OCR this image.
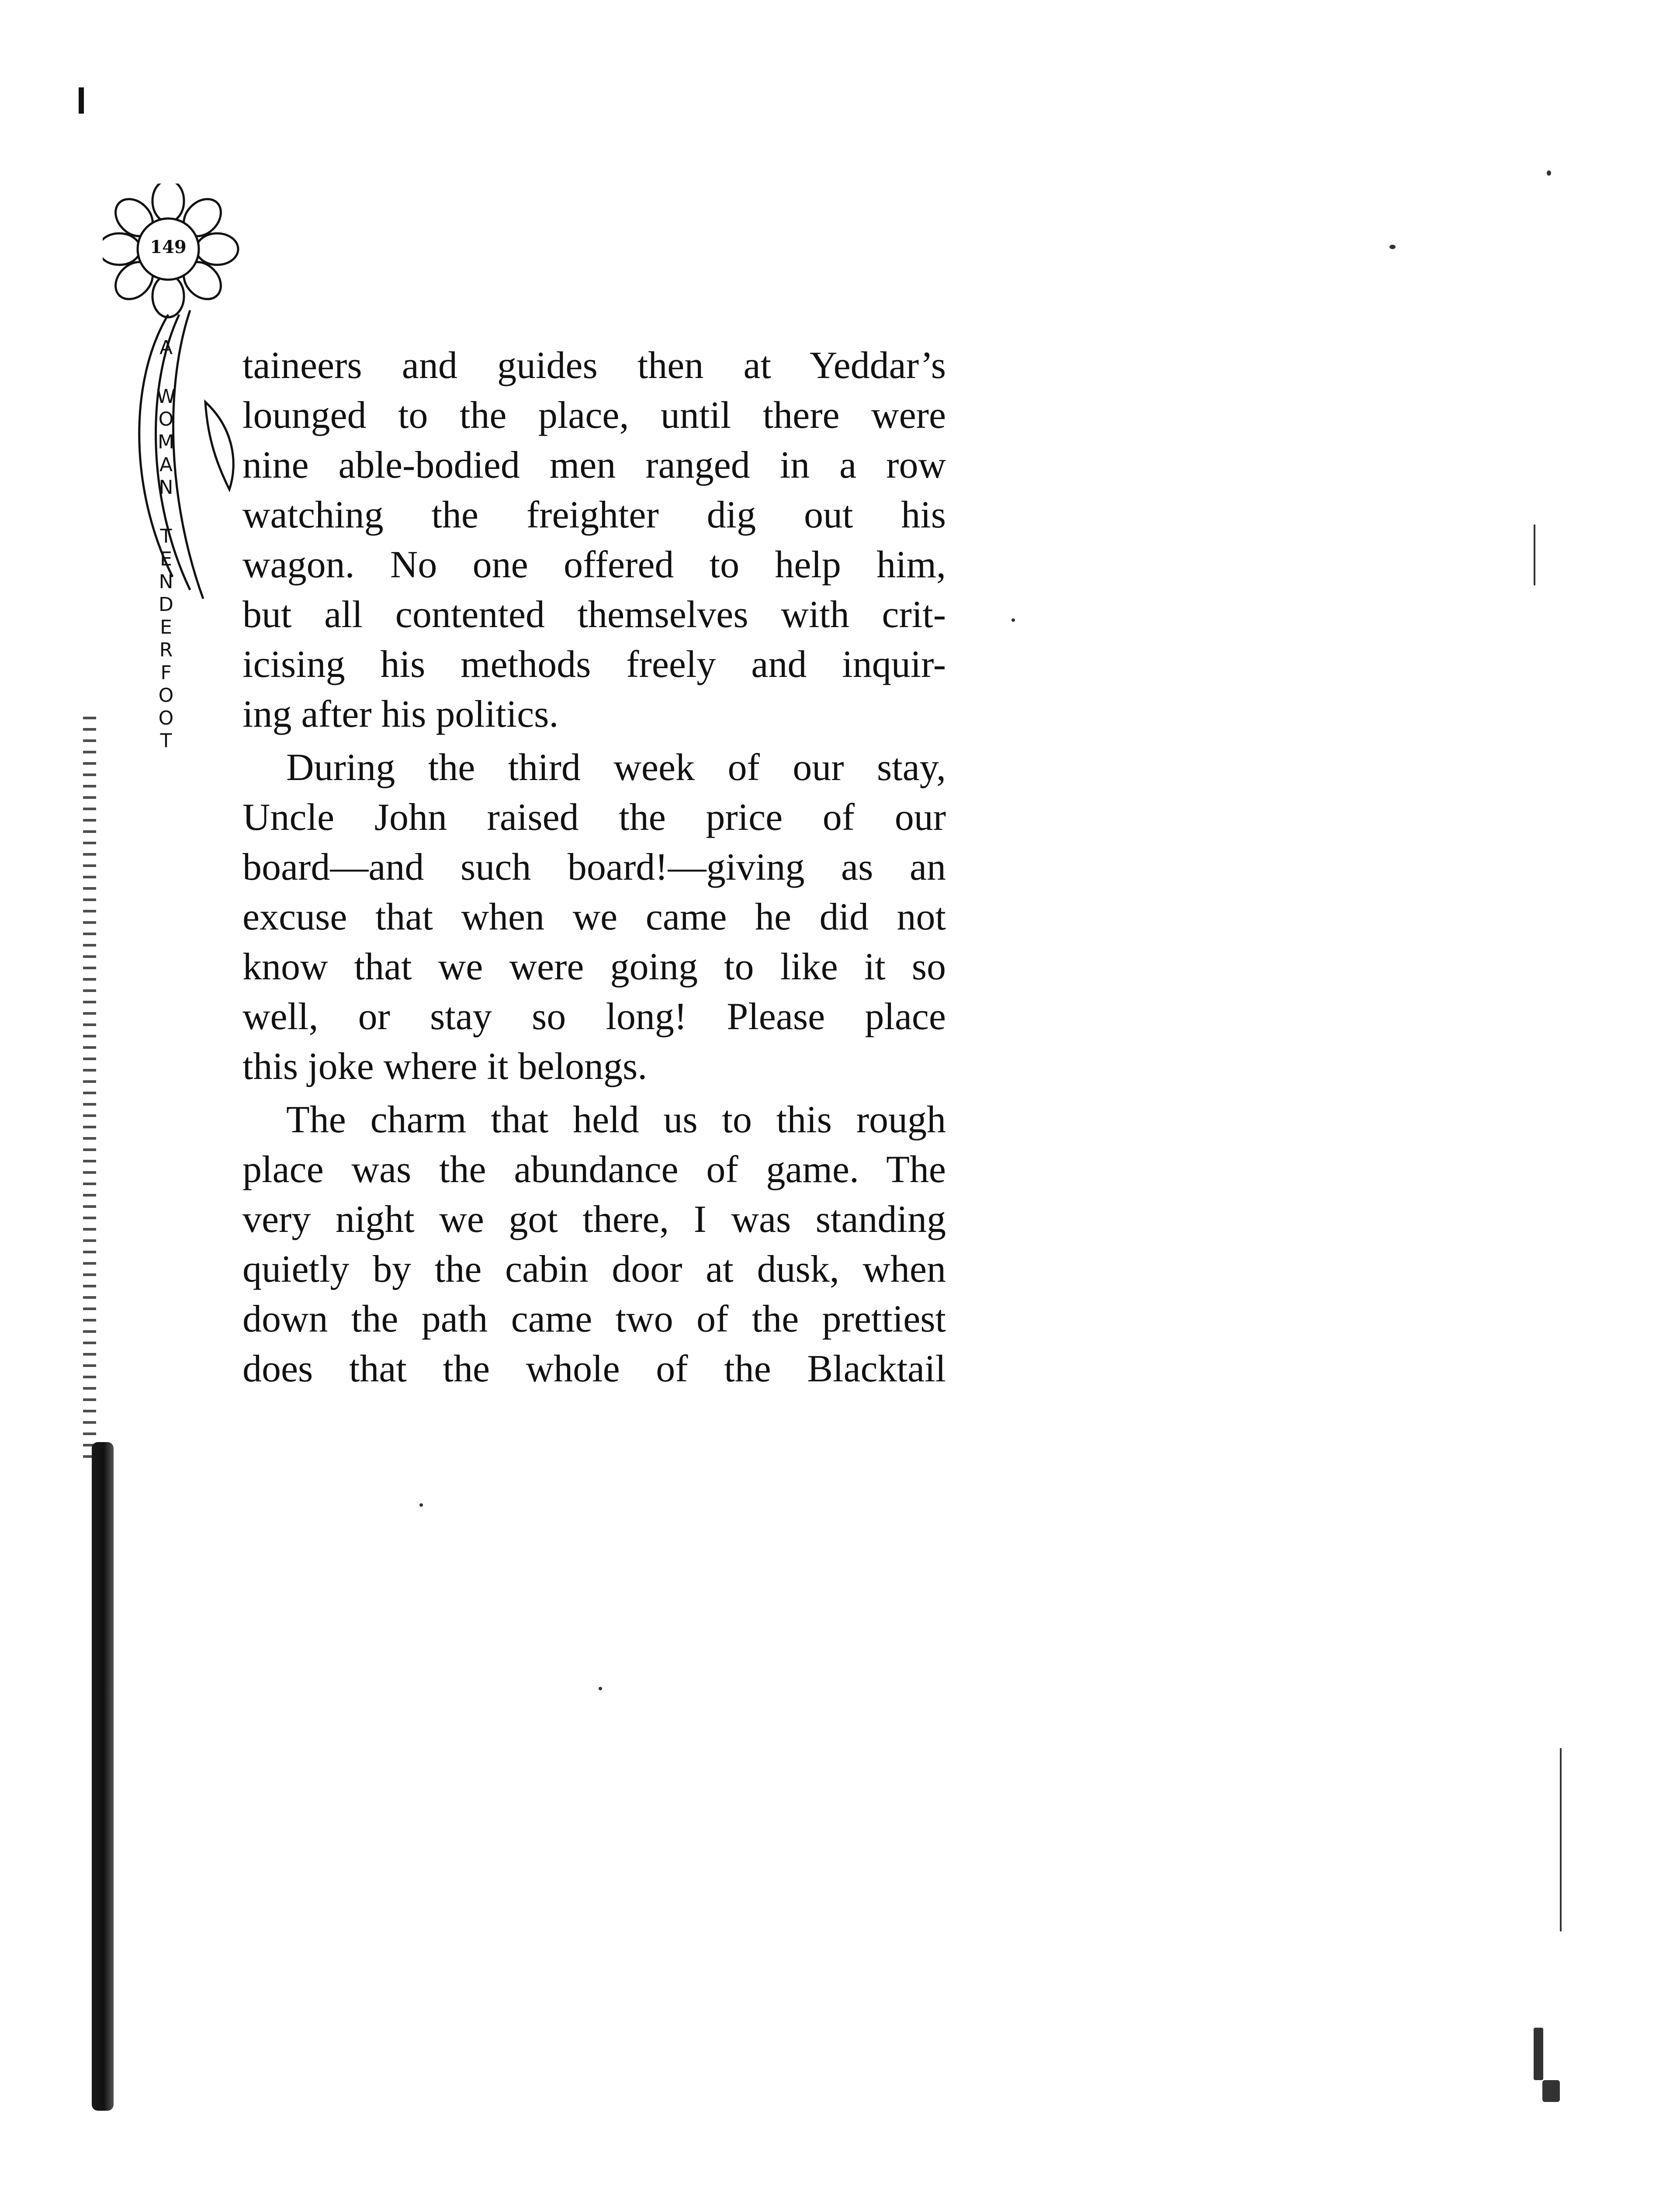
149
A
W
O
M
A
N
T
E
N
D
E
R
F
O
O
T

taineers and guides then at Yeddar’s
lounged to the place, until there were
nine able-bodied men ranged in a row
watching the freighter dig out his
wagon. No one offered to help him,
but all contented themselves with crit-
icising his methods freely and inquir-
ing after his politics.

During the third week of our stay,
Uncle John raised the price of our
board—and such board!—giving as an
excuse that when we came he did not
know that we were going to like it so
well, or stay so long! Please place
this joke where it belongs.

The charm that held us to this rough
place was the abundance of game. The
very night we got there, I was standing
quietly by the cabin door at dusk, when
down the path came two of the prettiest
does that the whole of the Blacktail
